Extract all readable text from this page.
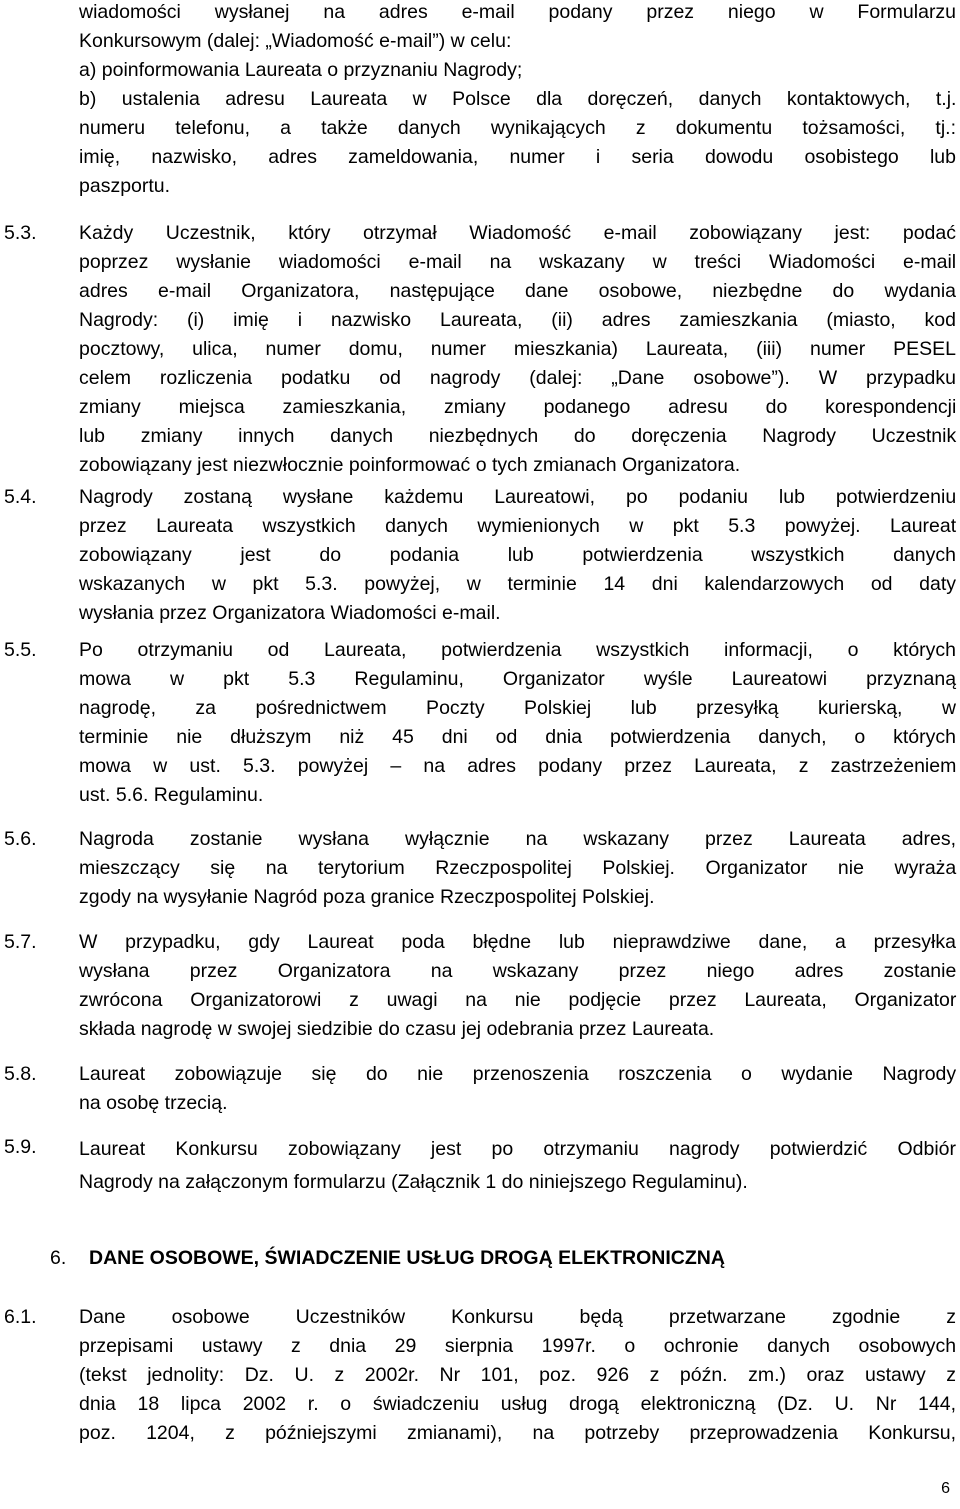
wiadomości wysłanej na adres e-mail podany przez niego w Formularzu
Konkursowym (dalej: „Wiadomość e-mail”) w celu:
a) poinformowania Laureata o przyznaniu Nagrody;
b) ustalenia adresu Laureata w Polsce dla doręczeń, danych kontaktowych, t.j.
numeru telefonu, a także danych wynikających z dokumentu tożsamości, tj.:
imię, nazwisko, adres zameldowania, numer i seria dowodu osobistego lub
paszportu.
5.3. Każdy Uczestnik, który otrzymał Wiadomość e-mail zobowiązany jest: podać
poprzez wysłanie wiadomości e-mail na wskazany w treści Wiadomości e-mail
adres e-mail Organizatora, następujące dane osobowe, niezbędne do wydania
Nagrody: (i) imię i nazwisko Laureata, (ii) adres zamieszkania (miasto, kod
pocztowy, ulica, numer domu, numer mieszkania) Laureata, (iii) numer PESEL
celem rozliczenia podatku od nagrody (dalej: „Dane osobowe”). W przypadku
zmiany miejsca zamieszkania, zmiany podanego adresu do korespondencji
lub zmiany innych danych niezbędnych do doręczenia Nagrody Uczestnik
zobowiązany jest niezwłocznie poinformować o tych zmianach Organizatora.
5.4. Nagrody zostaną wysłane każdemu Laureatowi, po podaniu lub potwierdzeniu
przez Laureata wszystkich danych wymienionych w pkt 5.3 powyżej. Laureat
zobowiązany jest do podania lub potwierdzenia wszystkich danych
wskazanych w pkt 5.3. powyżej, w terminie 14 dni kalendarzowych od daty
wysłania przez Organizatora Wiadomości e-mail.
5.5. Po otrzymaniu od Laureata, potwierdzenia wszystkich informacji, o których
mowa w pkt 5.3 Regulaminu, Organizator wyśle Laureatowi przyznaną
nagrodę, za pośrednictwem Poczty Polskiej lub przesyłką kurierską, w
terminie nie dłuższym niż 45 dni od dnia potwierdzenia danych, o których
mowa w ust. 5.3. powyżej – na adres podany przez Laureata, z zastrzeżeniem
ust. 5.6. Regulaminu.
5.6. Nagroda zostanie wysłana wyłącznie na wskazany przez Laureata adres,
mieszczący się na terytorium Rzeczpospolitej Polskiej. Organizator nie wyraża
zgody na wysyłanie Nagród poza granice Rzeczpospolitej Polskiej.
5.7. W przypadku, gdy Laureat poda błędne lub nieprawdziwe dane, a przesyłka
wysłana przez Organizatora na wskazany przez niego adres zostanie
zwrócona Organizatorowi z uwagi na nie podjęcie przez Laureata, Organizator
składa nagrodę w swojej siedzibie do czasu jej odebrania przez Laureata.
5.8. Laureat zobowiązuje się do nie przenoszenia roszczenia o wydanie Nagrody
na osobę trzecią.
5.9. Laureat Konkursu zobowiązany jest po otrzymaniu nagrody potwierdzić Odbiór
Nagrody na załączonym formularzu (Załącznik 1 do niniejszego Regulaminu).
6. DANE OSOBOWE, ŚWIADCZENIE USŁUG DROGĄ ELEKTRONICZNĄ
6.1. Dane osobowe Uczestników Konkursu będą przetwarzane zgodnie z
przepisami ustawy z dnia 29 sierpnia 1997r. o ochronie danych osobowych
(tekst jednolity: Dz. U. z 2002r. Nr 101, poz. 926 z późn. zm.) oraz ustawy z
dnia 18 lipca 2002 r. o świadczeniu usług drogą elektroniczną (Dz. U. Nr 144,
poz. 1204, z późniejszymi zmianami), na potrzeby przeprowadzenia Konkursu,
6
